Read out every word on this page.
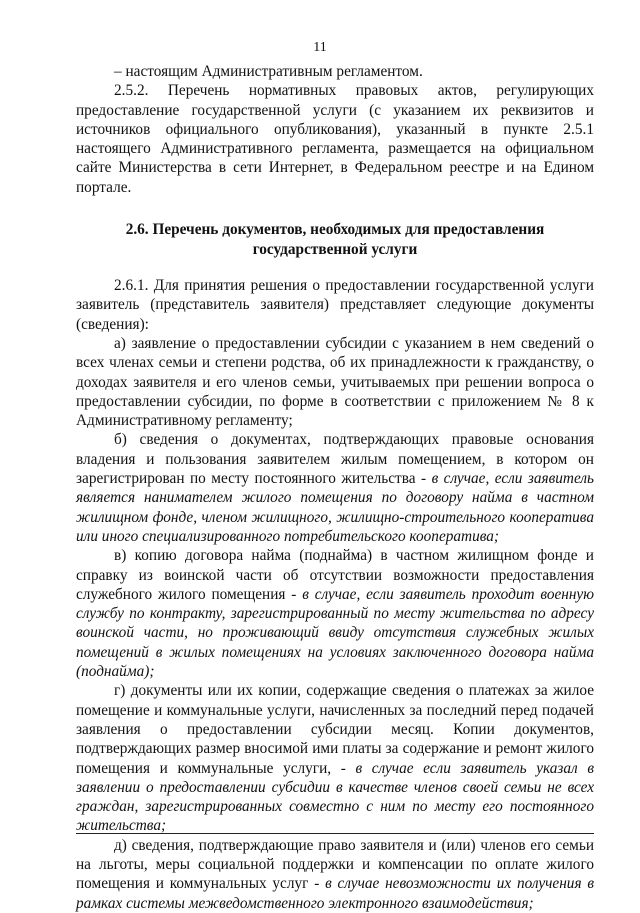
11

– настоящим Административным регламентом.

2.5.2. Перечень нормативных правовых актов, регулирующих предоставление государственной услуги (с указанием их реквизитов и источников официального опубликования), указанный в пункте 2.5.1 настоящего Административного регламента, размещается на официальном сайте Министерства в сети Интернет, в Федеральном реестре и на Едином портале.

2.6. Перечень документов, необходимых для предоставления
государственной услуги

2.6.1. Для принятия решения о предоставлении государственной услуги заявитель (представитель заявителя) представляет следующие документы (сведения):

а) заявление о предоставлении субсидии с указанием в нем сведений о всех членах семьи и степени родства, об их принадлежности к гражданству, о доходах заявителя и его членов семьи, учитываемых при решении вопроса о предоставлении субсидии, по форме в соответствии с приложением № 8 к Административному регламенту;

б) сведения о документах, подтверждающих правовые основания владения и пользования заявителем жилым помещением, в котором он зарегистрирован по месту постоянного жительства - в случае, если заявитель является нанимателем жилого помещения по договору найма в частном жилищном фонде, членом жилищного, жилищно-строительного кооператива или иного специализированного потребительского кооператива;

в) копию договора найма (поднайма) в частном жилищном фонде и справку из воинской части об отсутствии возможности предоставления служебного жилого помещения - в случае, если заявитель проходит военную службу по контракту, зарегистрированный по месту жительства по адресу воинской части, но проживающий ввиду отсутствия служебных жилых помещений в жилых помещениях на условиях заключенного договора найма (поднайма);

г) документы или их копии, содержащие сведения о платежах за жилое помещение и коммунальные услуги, начисленных за последний перед подачей заявления о предоставлении субсидии месяц. Копии документов, подтверждающих размер вносимой ими платы за содержание и ремонт жилого помещения и коммунальные услуги, - в случае если заявитель указал в заявлении о предоставлении субсидии в качестве членов своей семьи не всех граждан, зарегистрированных совместно с ним по месту его постоянного жительства;

д) сведения, подтверждающие право заявителя и (или) членов его семьи на льготы, меры социальной поддержки и компенсации по оплате жилого помещения и коммунальных услуг - в случае невозможности их получения в рамках системы межведомственного электронного взаимодействия;
